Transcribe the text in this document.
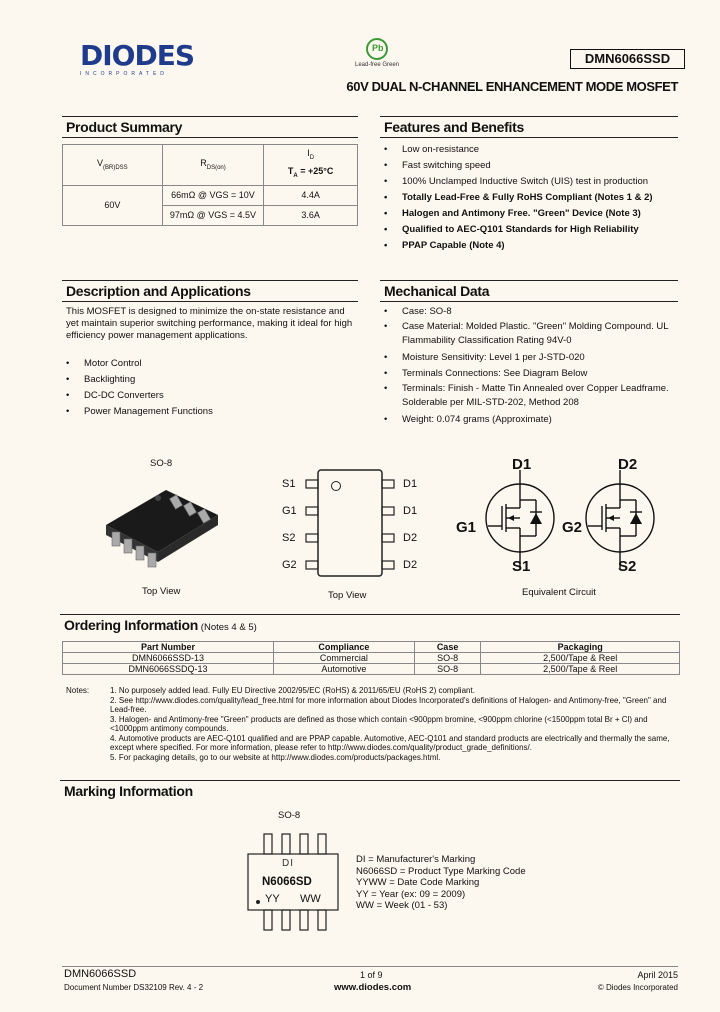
DIODES
INCORPORATED
Pb
Lead-free Green	DMN6066SSD
60V DUAL N-CHANNEL ENHANCEMENT MODE MOSFET
Product Summary
$V_{(BR)DSS}$	$R_{DS(on)}$	$I_D$
$T_A = +25^\circ C$
60V	66mΩ @ VGS = 10V	4.4A
	97mΩ @ VGS = 4.5V	3.6A
Features and Benefits
• Low on-resistance
• Fast switching speed
• 100% Unclamped Inductive Switch (UIS) test in production
• Totally Lead-Free & Fully RoHS Compliant (Notes 1 & 2)
• Halogen and Antimony Free. "Green" Device (Note 3)
• Qualified to AEC-Q101 Standards for High Reliability
• PPAP Capable (Note 4)
Description and Applications
This MOSFET is designed to minimize the on-state resistance and yet maintain superior switching performance, making it ideal for high efficiency power management applications.
• Motor Control
• Backlighting
• DC-DC Converters
• Power Management Functions
Mechanical Data
• Case: SO-8
• Case Material: Molded Plastic. "Green" Molding Compound. UL Flammability Classification Rating 94V-0
• Moisture Sensitivity: Level 1 per J-STD-020
• Terminals Connections: See Diagram Below
• Terminals: Finish - Matte Tin Annealed over Copper Leadframe. Solderable per MIL-STD-202, Method 208
• Weight: 0.074 grams (Approximate)
SO-8
Top View
S1
G1
S2
G2
D1
D1
D2
D2
Top View
D1	D2
G1	G2
S1	S2
Equivalent Circuit
Ordering Information (Notes 4 & 5)
Part Number	Compliance	Case	Packaging
DMN6066SSD-13	Commercial	SO-8	2,500/Tape & Reel
DMN6066SSDQ-13	Automotive	SO-8	2,500/Tape & Reel
Notes:	1. No purposely added lead. Fully EU Directive 2002/95/EC (RoHS) & 2011/65/EU (RoHS 2) compliant.
2. See http://www.diodes.com/quality/lead_free.html for more information about Diodes Incorporated's definitions of Halogen- and Antimony-free, "Green" and Lead-free.
3. Halogen- and Antimony-free "Green" products are defined as those which contain <900ppm bromine, <900ppm chlorine (<1500ppm total Br + Cl) and <1000ppm antimony compounds.
4. Automotive products are AEC-Q101 qualified and are PPAP capable. Automotive, AEC-Q101 and standard products are electrically and thermally the same, except where specified. For more information, please refer to http://www.diodes.com/quality/product_grade_definitions/.
5. For packaging details, go to our website at http://www.diodes.com/products/packages.html.
Marking Information
SO-8
DI
N6066SD
YY WW
DI = Manufacturer's Marking
N6066SD = Product Type Marking Code
YYWW = Date Code Marking
YY = Year (ex: 09 = 2009)
WW = Week (01 - 53)
DMN6066SSD
Document Number DS32109 Rev. 4 - 2
1 of 9
www.diodes.com
April 2015
© Diodes Incorporated
